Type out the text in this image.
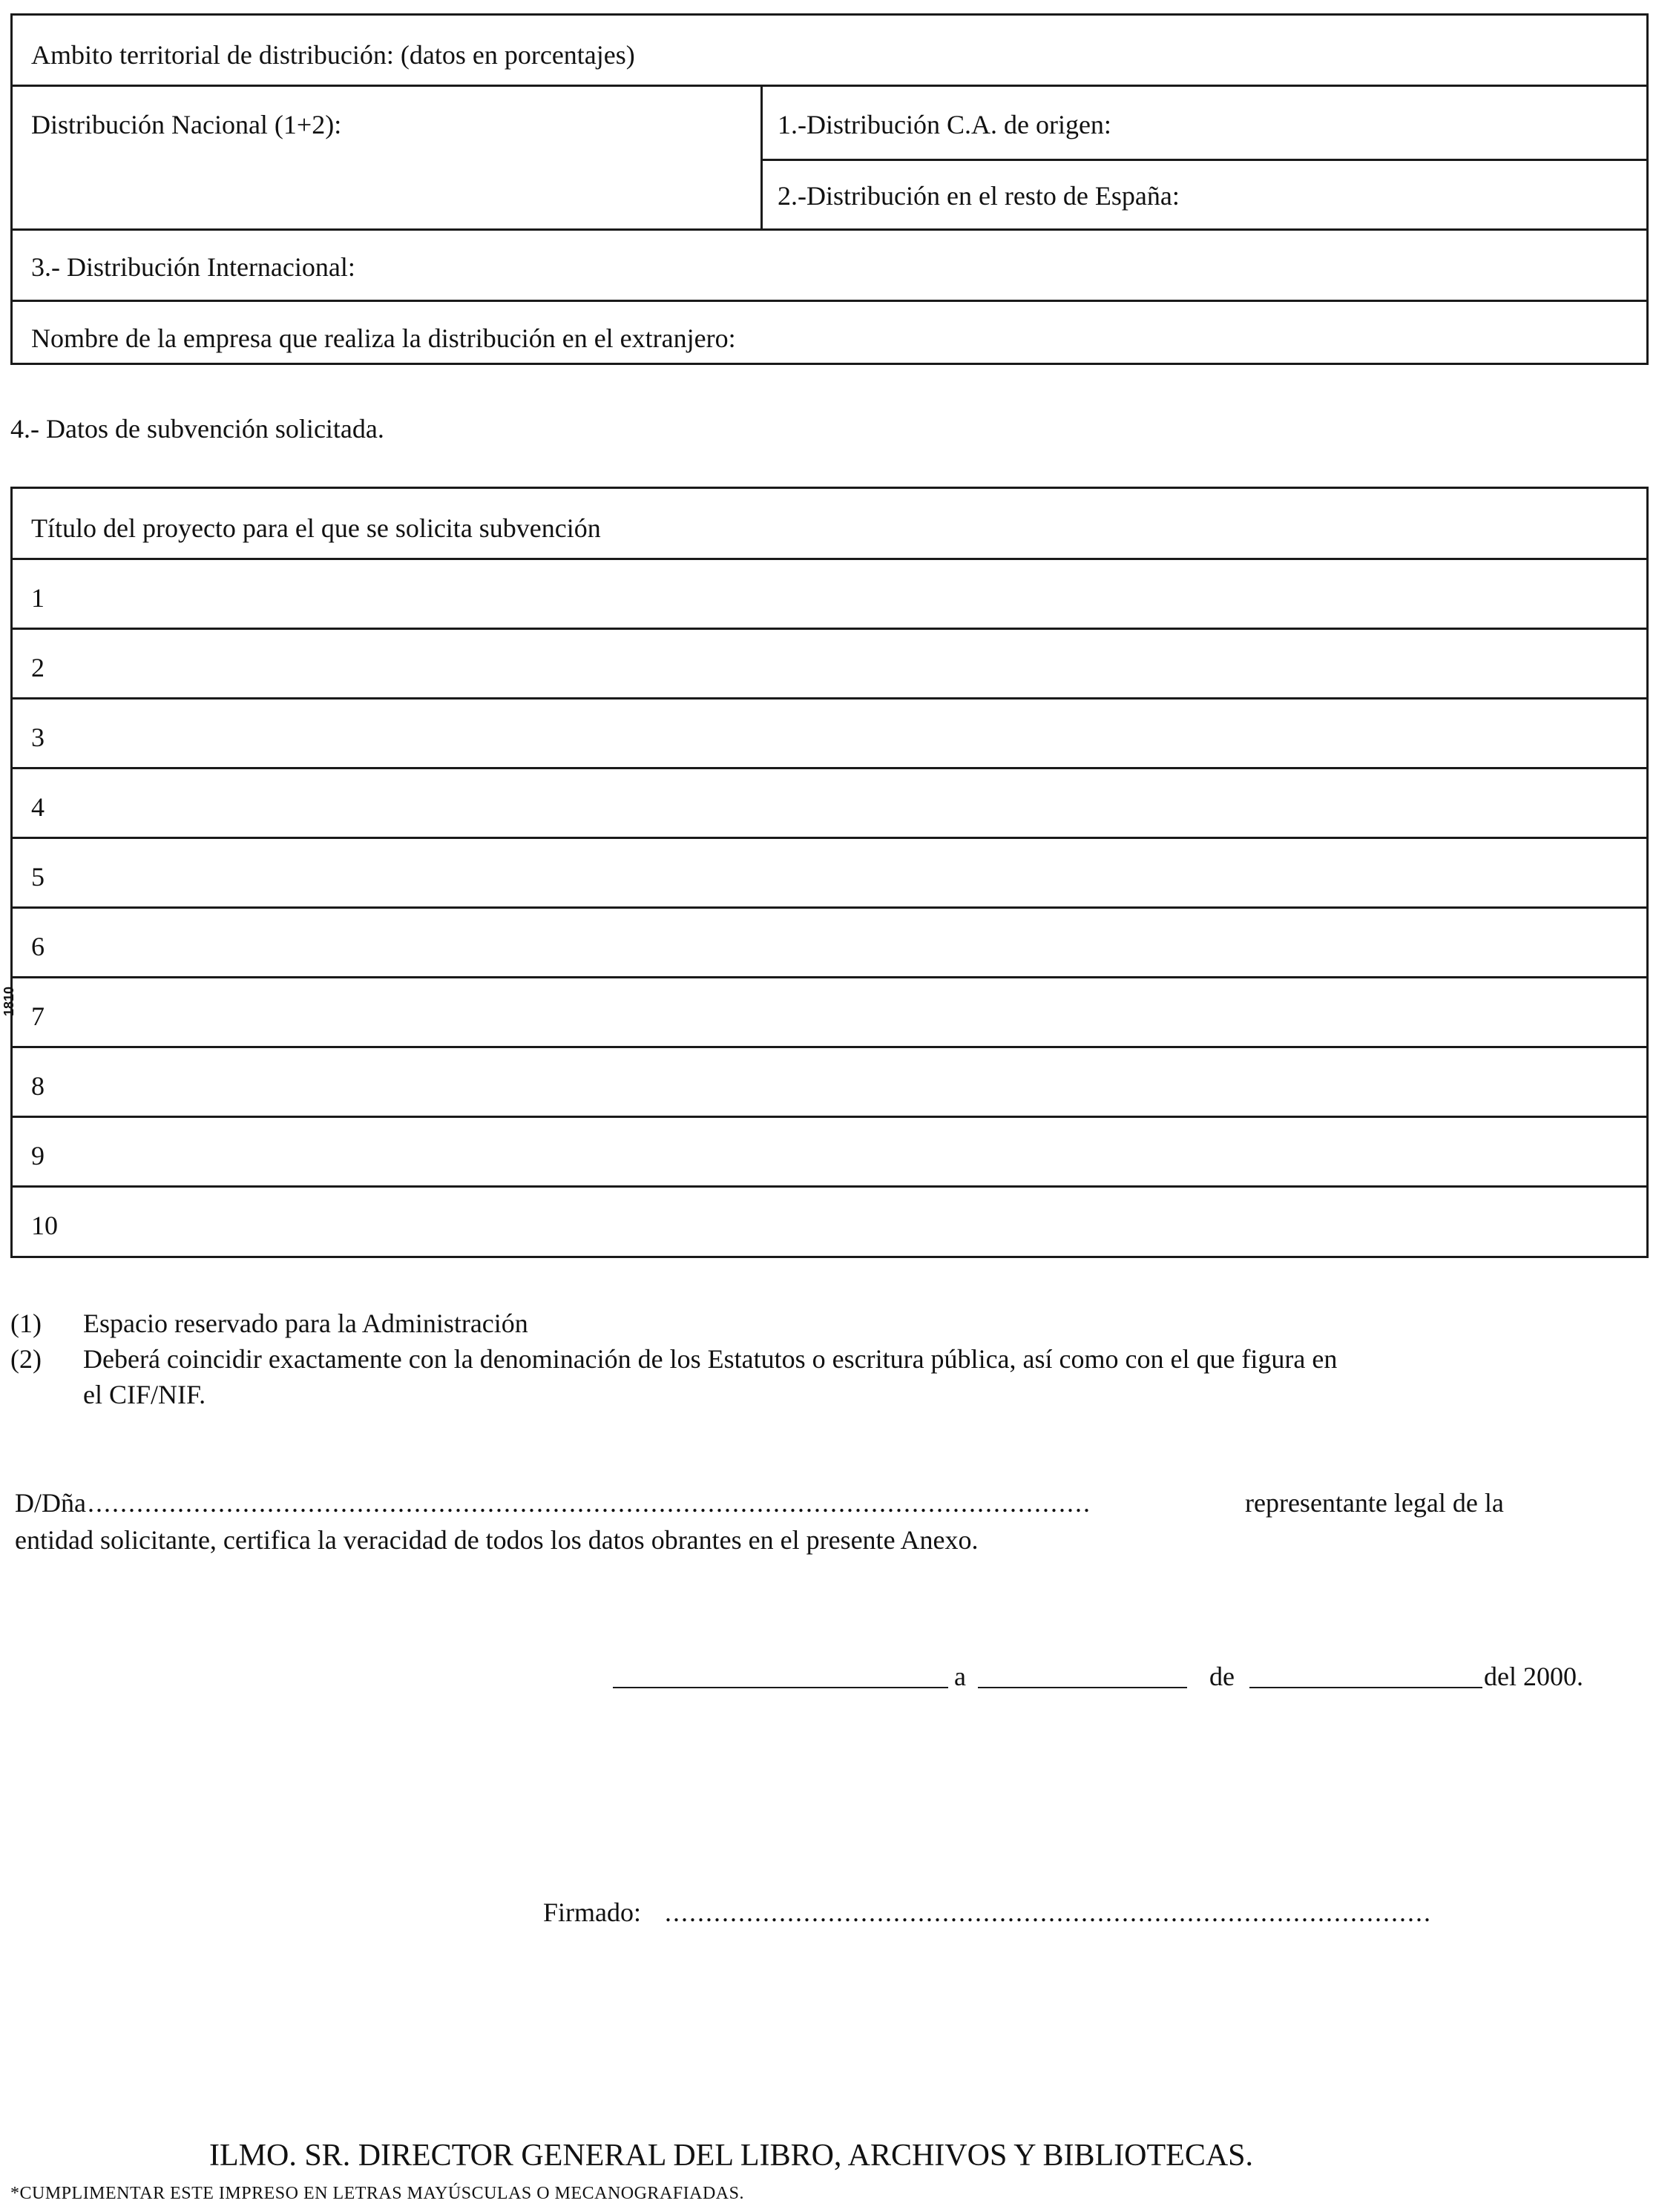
Ambito territorial de distribución: (datos en porcentajes)
Distribución Nacional (1+2):	1.-Distribución C.A. de origen:
2.-Distribución en el resto de España:
3.- Distribución Internacional:
Nombre de la empresa que realiza la distribución en el extranjero:
4.- Datos de subvención solicitada.
Título del proyecto para el que se solicita subvención
1
2
3
4
5
6
7
8
9
10
1810
(1) Espacio reservado para la Administración
(2) Deberá coincidir exactamente con la denominación de los Estatutos o escritura pública, así como con el que figura en
el CIF/NIF.
D/Dña ...........................................................................................................................	representante legal de la
entidad solicitante, certifica la veracidad de todos los datos obrantes en el presente Anexo.
a	de	del 2000.
Firmado: ..............................................................................................
ILMO. SR. DIRECTOR GENERAL DEL LIBRO, ARCHIVOS Y BIBLIOTECAS.
*CUMPLIMENTAR ESTE IMPRESO EN LETRAS MAYÚSCULAS O MECANOGRAFIADAS.
